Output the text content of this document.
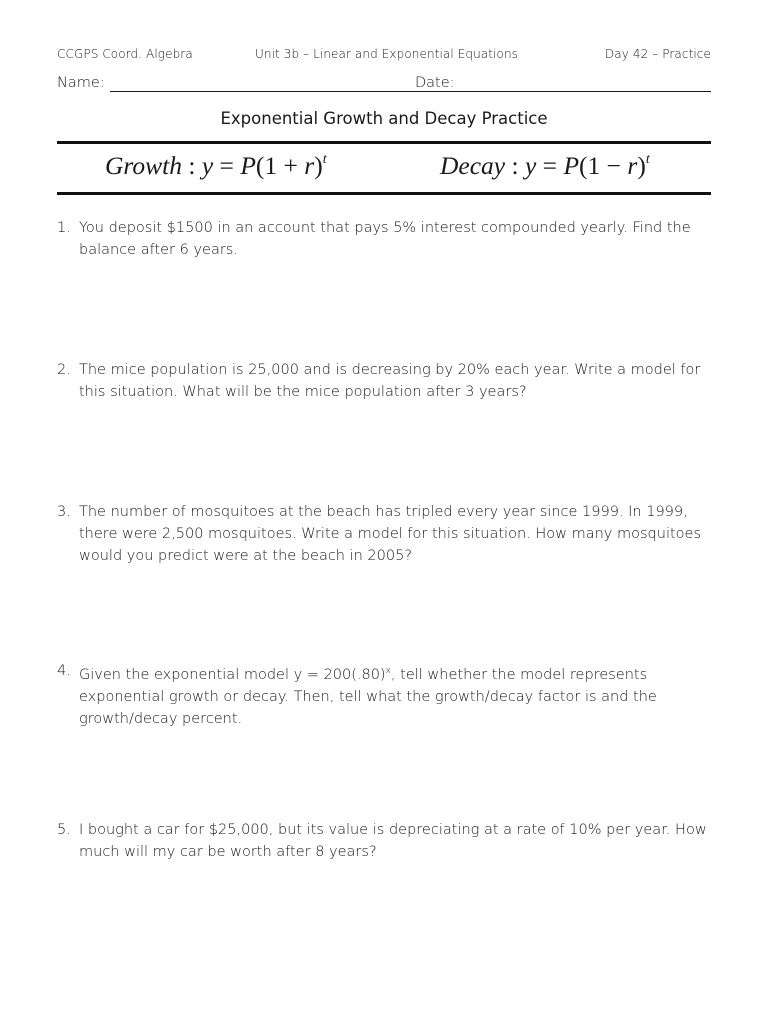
CCGPS Coord. Algebra	Unit 3b – Linear and Exponential Equations	Day 42 – Practice
Name:	Date:
Exponential Growth and Decay Practice
Growth : $y = P(1 + r)^t$	Decay : $y = P(1 - r)^t$
1. You deposit $1500 in an account that pays 5% interest compounded yearly. Find the balance after 6 years.
2. The mice population is 25,000 and is decreasing by 20% each year. Write a model for this situation. What will be the mice population after 3 years?
3. The number of mosquitoes at the beach has tripled every year since 1999. In 1999, there were 2,500 mosquitoes. Write a model for this situation. How many mosquitoes would you predict were at the beach in 2005?
4. Given the exponential model $y = 200(.80)^x$, tell whether the model represents exponential growth or decay. Then, tell what the growth/decay factor is and the growth/decay percent.
5. I bought a car for $25,000, but its value is depreciating at a rate of 10% per year. How much will my car be worth after 8 years?
